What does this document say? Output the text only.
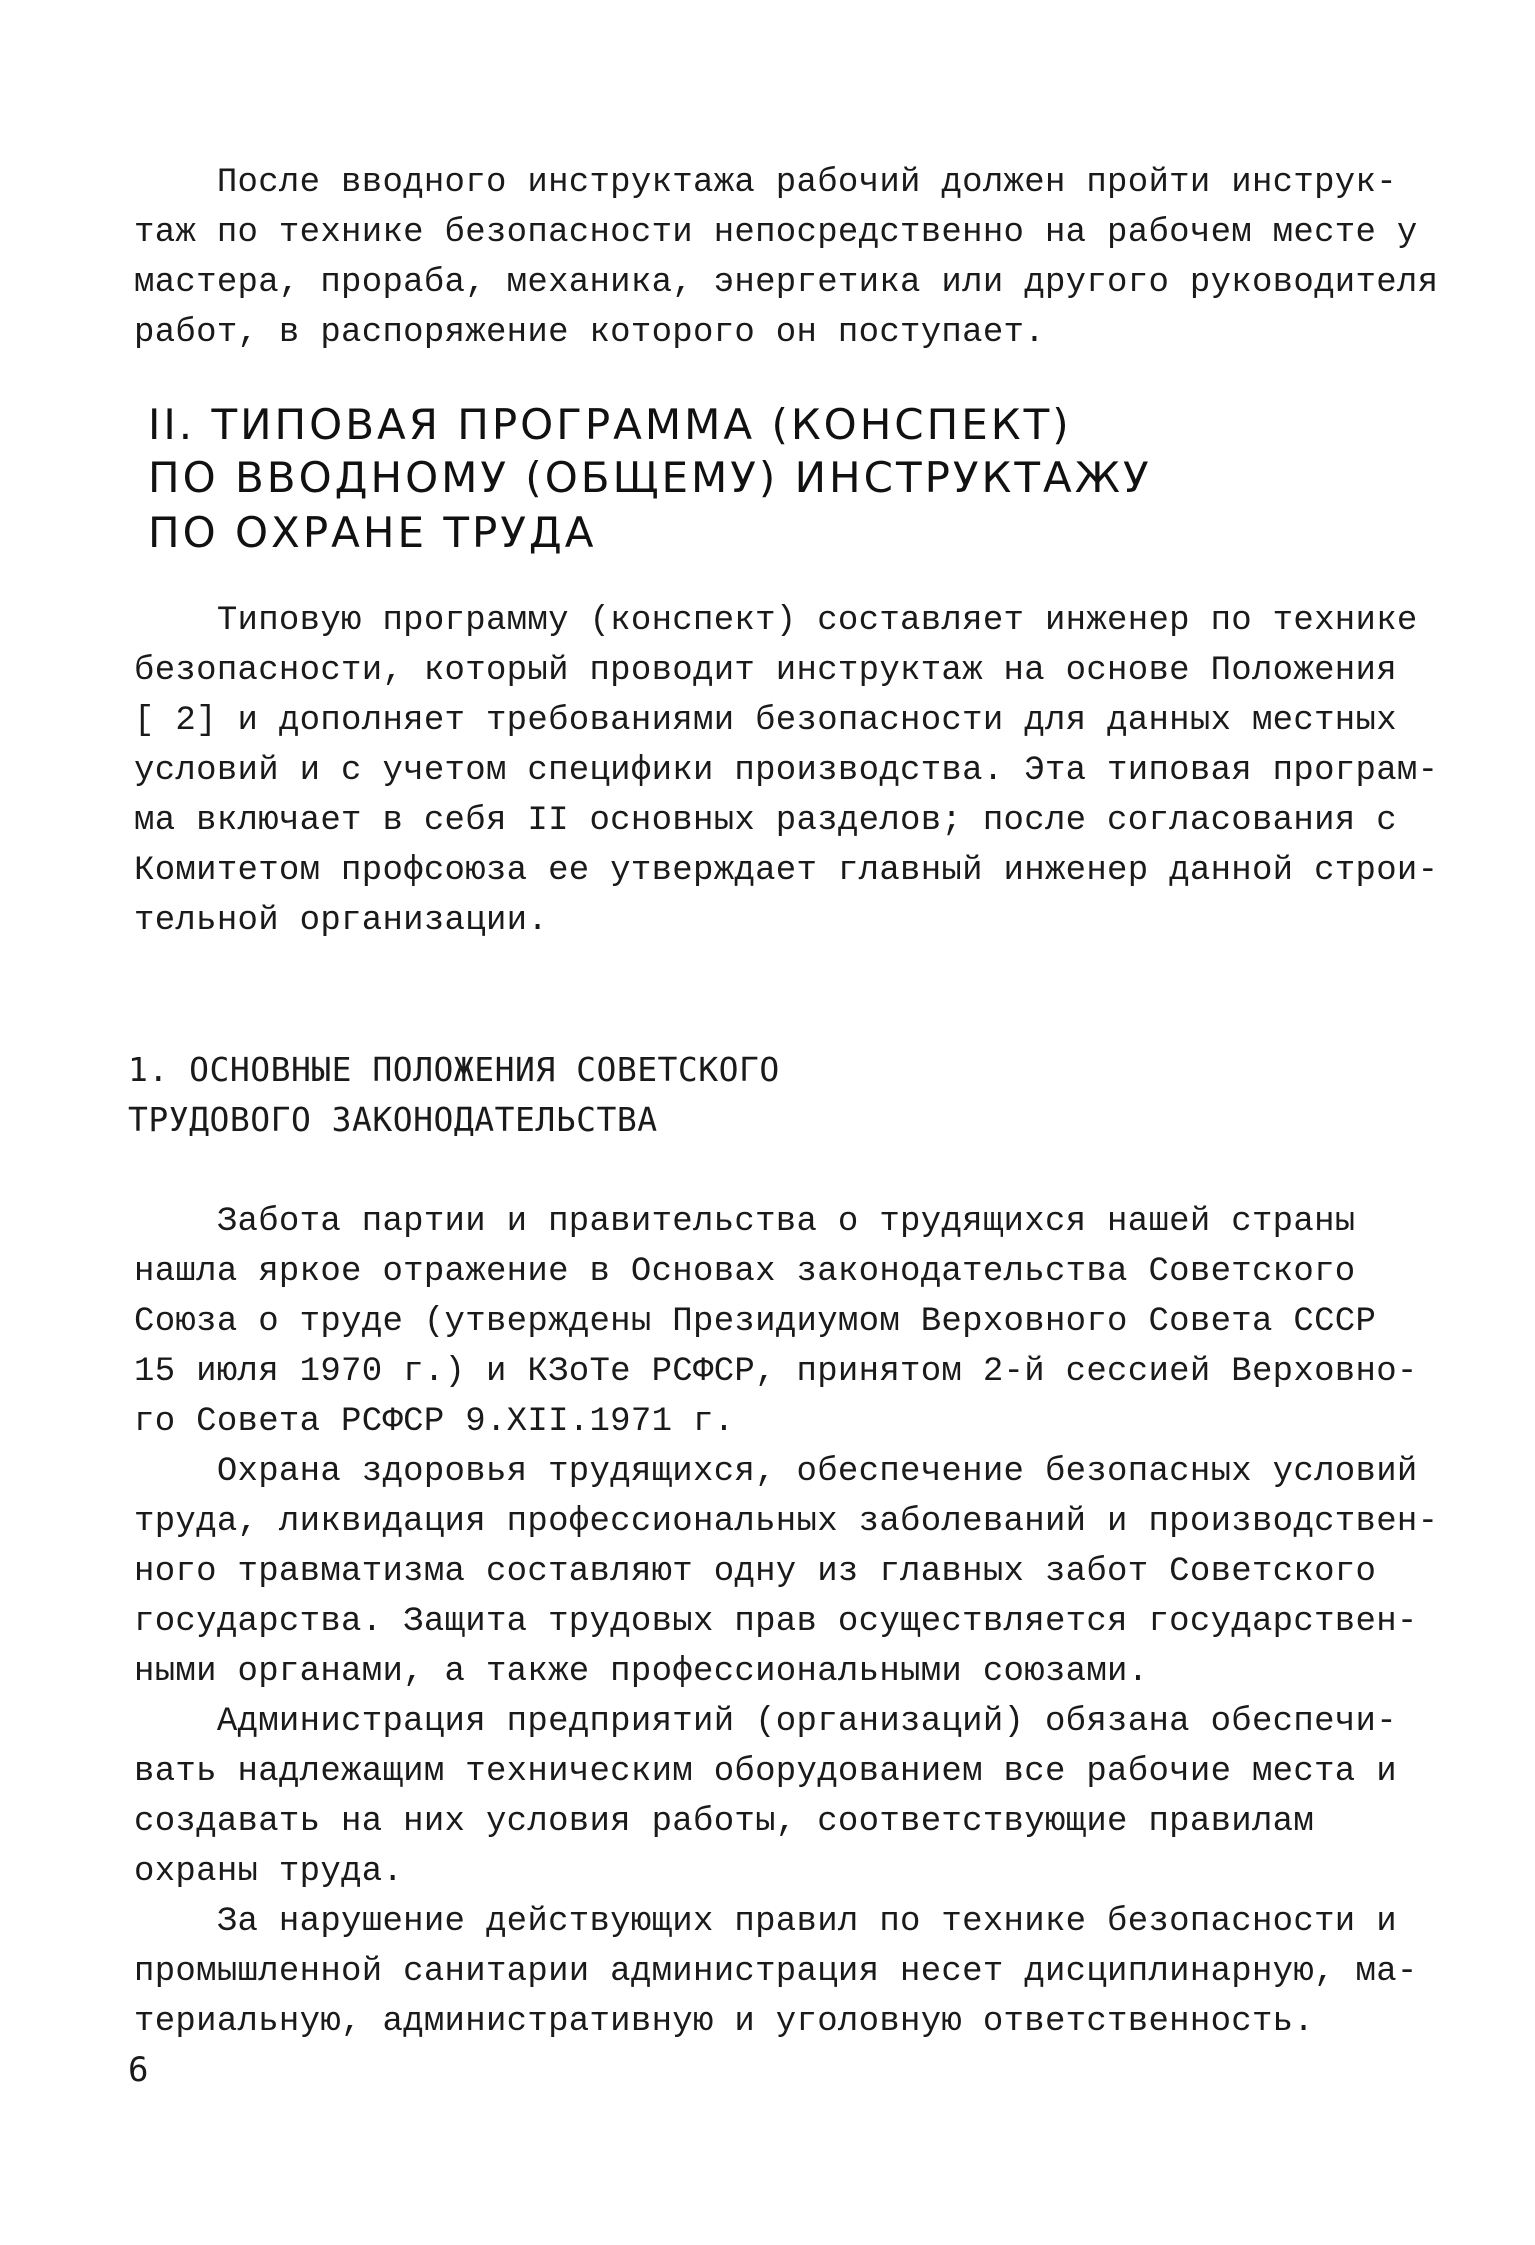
После вводного инструктажа рабочий должен пройти инструк-
таж по технике безопасности непосредственно на рабочем месте у
мастера, прораба, механика, энергетика или другого руководителя
работ, в распоряжение которого он поступает.
II. ТИПОВАЯ ПРОГРАММА (КОНСПЕКТ)
ПО ВВОДНОМУ (ОБЩЕМУ) ИНСТРУКТАЖУ
ПО ОХРАНЕ ТРУДА
Типовую программу (конспект) составляет инженер по технике
безопасности, который проводит инструктаж на основе Положения
[ 2] и дополняет требованиями безопасности для данных местных
условий и с учетом специфики производства. Эта типовая програм-
ма включает в себя II основных разделов; после согласования с
Комитетом профсоюза ее утверждает главный инженер данной строи-
тельной организации.
1. ОСНОВНЫЕ ПОЛОЖЕНИЯ СОВЕТСКОГО
ТРУДОВОГО ЗАКОНОДАТЕЛЬСТВА
Забота партии и правительства о трудящихся нашей страны
нашла яркое отражение в Основах законодательства Советского
Союза о труде (утверждены Президиумом Верховного Совета СССР
15 июля 1970 г.) и КЗоТе РСФСР, принятом 2-й сессией Верховно-
го Совета РСФСР 9.XII.1971 г.
Охрана здоровья трудящихся, обеспечение безопасных условий
труда, ликвидация профессиональных заболеваний и производствен-
ного травматизма составляют одну из главных забот Советского
государства. Защита трудовых прав осуществляется государствен-
ными органами, а также профессиональными союзами.
Администрация предприятий (организаций) обязана обеспечи-
вать надлежащим техническим оборудованием все рабочие места и
создавать на них условия работы, соответствующие правилам
охраны труда.
За нарушение действующих правил по технике безопасности и
промышленной санитарии администрация несет дисциплинарную, ма-
териальную, административную и уголовную ответственность.
6
